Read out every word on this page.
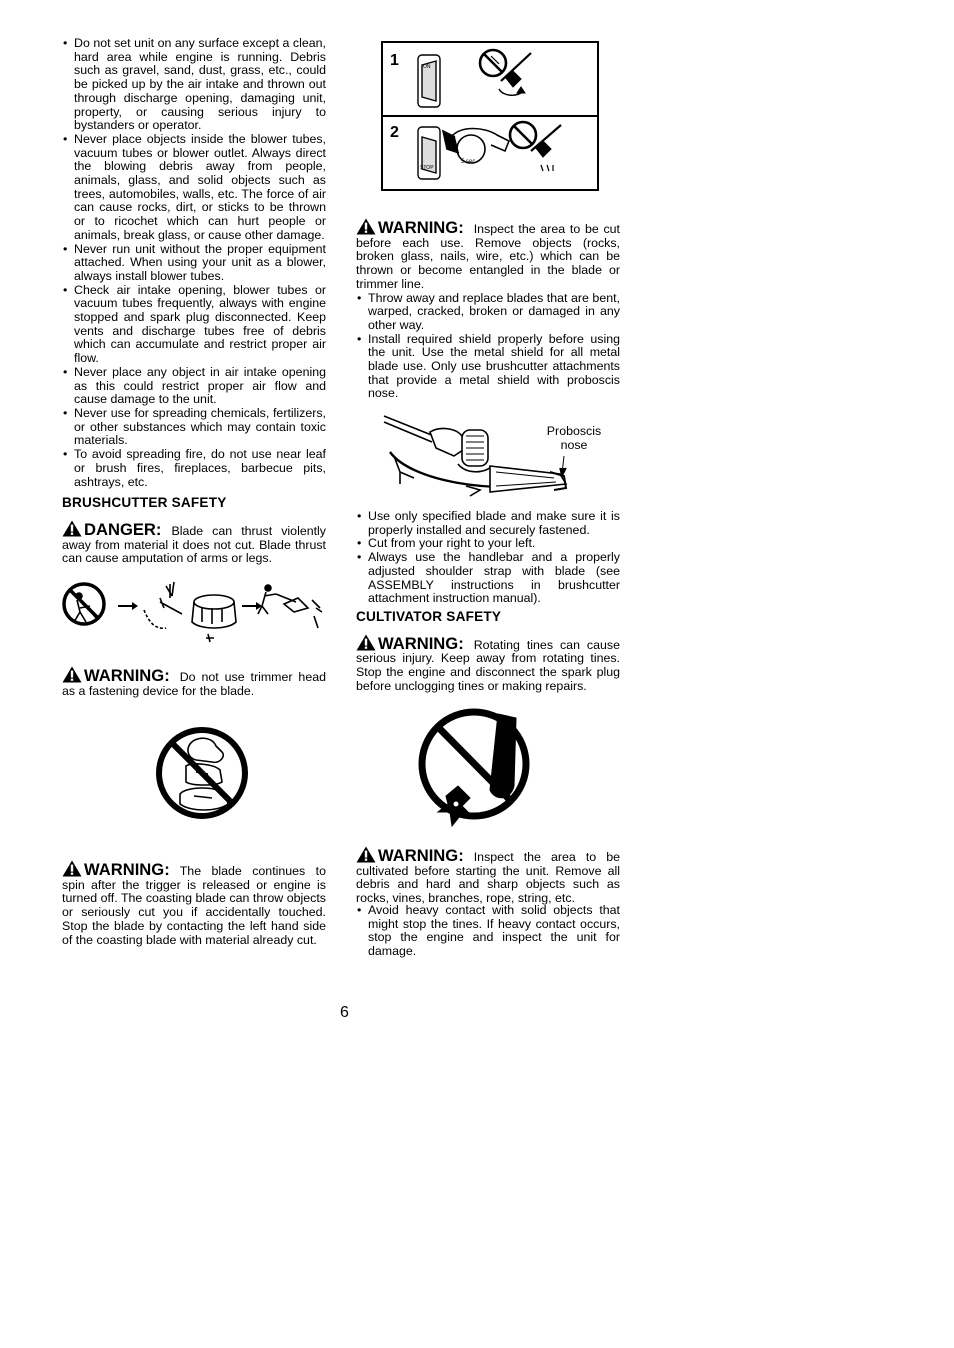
• Do not set unit on any surface except a clean, hard area while engine is running. Debris such as gravel, sand, dust, grass, etc., could be picked up by the air intake and thrown out through discharge opening, damaging unit, property, or causing serious injury to bystanders or operator.
• Never place objects inside the blower tubes, vacuum tubes or blower outlet. Always direct the blowing debris away from people, animals, glass, and solid objects such as trees, automobiles, walls, etc. The force of air can cause rocks, dirt, or sticks to be thrown or to ricochet which can hurt people or animals, break glass, or cause other damage.
• Never run unit without the proper equipment attached. When using your unit as a blower, always install blower tubes.
• Check air intake opening, blower tubes or vacuum tubes frequently, always with engine stopped and spark plug disconnected. Keep vents and discharge tubes free of debris which can accumulate and restrict proper air flow.
• Never place any object in air intake opening as this could restrict proper air flow and cause damage to the unit.
• Never use for spreading chemicals, fertilizers, or other substances which may contain toxic materials.
• To avoid spreading fire, do not use near leaf or brush fires, fireplaces, barbecue pits, ashtrays, etc.
BRUSHCUTTER SAFETY

DANGER: Blade can thrust violently away from material it does not cut. Blade thrust can cause amputation of arms or legs.

WARNING: Do not use trimmer head as a fastening device for the blade.

WARNING: The blade continues to spin after the trigger is released or engine is turned off. The coasting blade can throw objects or seriously cut you if accidentally touched. Stop the blade by contacting the left hand side of the coasting blade with material already cut.

1
2
ON
STOP
5 sec.

WARNING: Inspect the area to be cut before each use. Remove objects (rocks, broken glass, nails, wire, etc.) which can be thrown or become entangled in the blade or trimmer line.

• Throw away and replace blades that are bent, warped, cracked, broken or damaged in any other way.
• Install required shield properly before using the unit. Use the metal shield for all metal blade use. Only use brushcutter attachments that provide a metal shield with proboscis nose.
Proboscis
nose
• Use only specified blade and make sure it is properly installed and securely fastened.
• Cut from your right to your left.
• Always use the handlebar and a properly adjusted shoulder strap with blade (see ASSEMBLY instructions in brushcutter attachment instruction manual).
CULTIVATOR SAFETY

WARNING: Rotating tines can cause serious injury. Keep away from rotating tines. Stop the engine and disconnect the spark plug before unclogging tines or making repairs.

WARNING: Inspect the area to be cultivated before starting the unit. Remove all debris and hard and sharp objects such as rocks, vines, branches, rope, string, etc.

• Avoid heavy contact with solid objects that might stop the tines. If heavy contact occurs, stop the engine and inspect the unit for damage.
6
